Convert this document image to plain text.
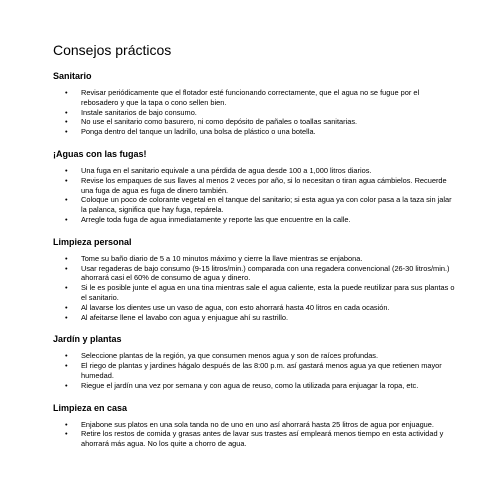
Consejos prácticos
Sanitario
• Revisar periódicamente que el flotador esté funcionando correctamente, que el agua no se fugue por el rebosadero y que la tapa o cono sellen bien.
• Instale sanitarios de bajo consumo.
• No use el sanitario como basurero, ni como depósito de pañales o toallas sanitarias.
• Ponga dentro del tanque un ladrillo, una bolsa de plástico o una botella.
¡Aguas con las fugas!
• Una fuga en el sanitario equivale a una pérdida de agua desde 100 a 1,000 litros diarios.
• Revise los empaques de sus llaves al menos 2 veces por año, si lo necesitan o tiran agua cámbielos. Recuerde una fuga de agua es fuga de dinero también.
• Coloque un poco de colorante vegetal en el tanque del sanitario; si esta agua ya con color pasa a la taza sin jalar la palanca, significa que hay fuga, repárela.
• Arregle toda fuga de agua inmediatamente y reporte las que encuentre en la calle.
Limpieza personal
• Tome su baño diario de 5 a 10 minutos máximo y cierre la llave mientras se enjabona.
• Usar regaderas de bajo consumo (9-15 litros/min.) comparada con una regadera convencional (26-30 litros/min.) ahorrará casi el 60% de consumo de agua y dinero.
• Si le es posible junte el agua en una tina mientras sale el agua caliente, esta la puede reutilizar para sus plantas o el sanitario.
• Al lavarse los dientes use un vaso de agua, con esto ahorrará hasta 40 litros en cada ocasión.
• Al afeitarse llene el lavabo con agua y enjuague ahí su rastrillo.
Jardín y plantas
• Seleccione plantas de la región, ya que consumen menos agua y son de raíces profundas.
• El riego de plantas y jardines hágalo después de las 8:00 p.m. así gastará menos agua ya que retienen mayor humedad.
• Riegue el jardín una vez por semana y con agua de reuso, como la utilizada para enjuagar la ropa, etc.
Limpieza en casa
• Enjabone sus platos en una sola tanda no de uno en uno así ahorrará hasta 25 litros de agua por enjuague.
• Retire los restos de comida y grasas antes de lavar sus trastes así empleará menos tiempo en esta actividad y ahorrará más agua. No los quite a chorro de agua.
